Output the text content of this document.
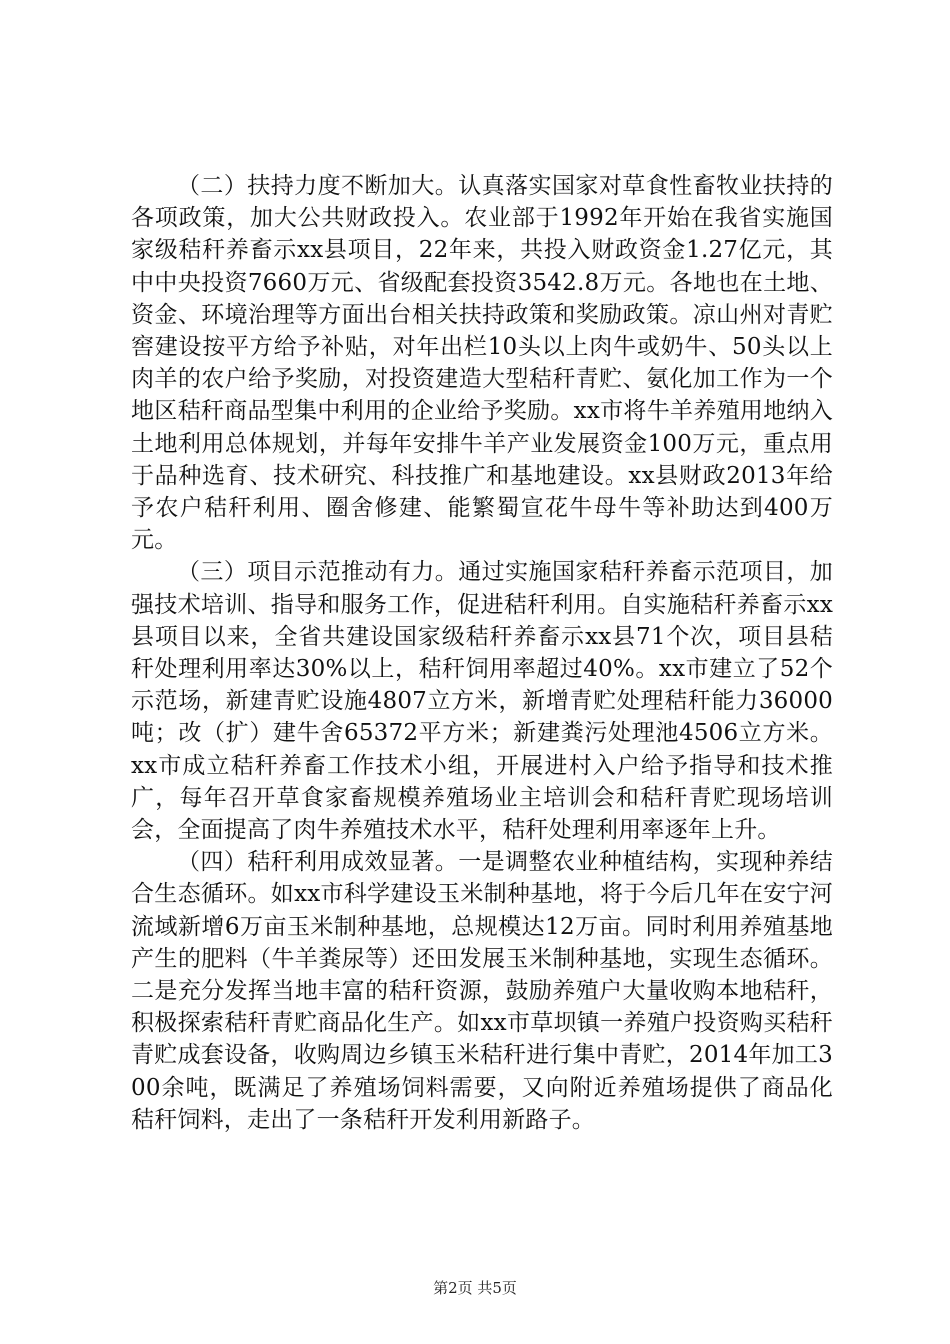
（二）扶持力度不断加大。认真落实国家对草食性畜牧业扶持的各项政策，加大公共财政投入。农业部于1992年开始在我省实施国家级秸秆养畜示xx县项目，22年来，共投入财政资金1.27亿元，其中中央投资7660万元、省级配套投资3542.8万元。各地也在土地、资金、环境治理等方面出台相关扶持政策和奖励政策。凉山州对青贮窖建设按平方给予补贴，对年出栏10头以上肉牛或奶牛、50头以上肉羊的农户给予奖励，对投资建造大型秸秆青贮、氨化加工作为一个地区秸秆商品型集中利用的企业给予奖励。xx市将牛羊养殖用地纳入土地利用总体规划，并每年安排牛羊产业发展资金100万元，重点用于品种选育、技术研究、科技推广和基地建设。xx县财政2013年给予农户秸秆利用、圈舍修建、能繁蜀宣花牛母牛等补助达到400万元。

（三）项目示范推动有力。通过实施国家秸秆养畜示范项目，加强技术培训、指导和服务工作，促进秸秆利用。自实施秸秆养畜示xx县项目以来，全省共建设国家级秸秆养畜示xx县71个次，项目县秸秆处理利用率达30%以上，秸秆饲用率超过40%。xx市建立了52个示范场，新建青贮设施4807立方米，新增青贮处理秸秆能力36000吨；改（扩）建牛舍65372平方米；新建粪污处理池4506立方米。xx市成立秸秆养畜工作技术小组，开展进村入户给予指导和技术推广，每年召开草食家畜规模养殖场业主培训会和秸秆青贮现场培训会，全面提高了肉牛养殖技术水平，秸秆处理利用率逐年上升。

（四）秸秆利用成效显著。一是调整农业种植结构，实现种养结合生态循环。如xx市科学建设玉米制种基地，将于今后几年在安宁河流域新增6万亩玉米制种基地，总规模达12万亩。同时利用养殖基地产生的肥料（牛羊粪尿等）还田发展玉米制种基地，实现生态循环。二是充分发挥当地丰富的秸秆资源，鼓励养殖户大量收购本地秸秆，积极探索秸秆青贮商品化生产。如xx市草坝镇一养殖户投资购买秸秆青贮成套设备，收购周边乡镇玉米秸秆进行集中青贮，2014年加工300余吨，既满足了养殖场饲料需要，又向附近养殖场提供了商品化秸秆饲料，走出了一条秸秆开发利用新路子。

第2页 共5页
